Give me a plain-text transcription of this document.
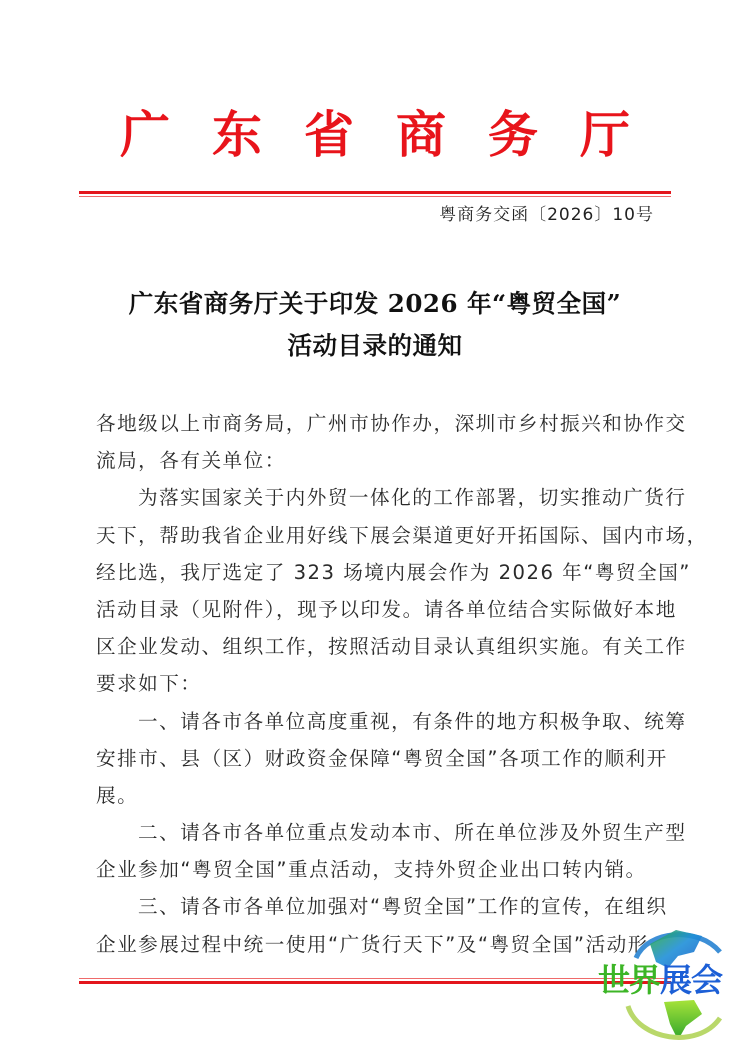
广 东 省 商 务 厅
粤商务交函〔2026〕10号
广东省商务厅关于印发 2026 年“粤贸全国”
活动目录的通知
各地级以上市商务局，广州市协作办，深圳市乡村振兴和协作交
流局，各有关单位：
为落实国家关于内外贸一体化的工作部署，切实推动广货行
天下，帮助我省企业用好线下展会渠道更好开拓国际、国内市场，
经比选，我厅选定了 323 场境内展会作为 2026 年“粤贸全国”
活动目录（见附件），现予以印发。请各单位结合实际做好本地
区企业发动、组织工作，按照活动目录认真组织实施。有关工作
要求如下：
一、请各市各单位高度重视，有条件的地方积极争取、统筹
安排市、县（区）财政资金保障“粤贸全国”各项工作的顺利开
展。
二、请各市各单位重点发动本市、所在单位涉及外贸生产型
企业参加“粤贸全国”重点活动，支持外贸企业出口转内销。
三、请各市各单位加强对“粤贸全国”工作的宣传，在组织
企业参展过程中统一使用“广货行天下”及“粤贸全国”活动形
世界展会
